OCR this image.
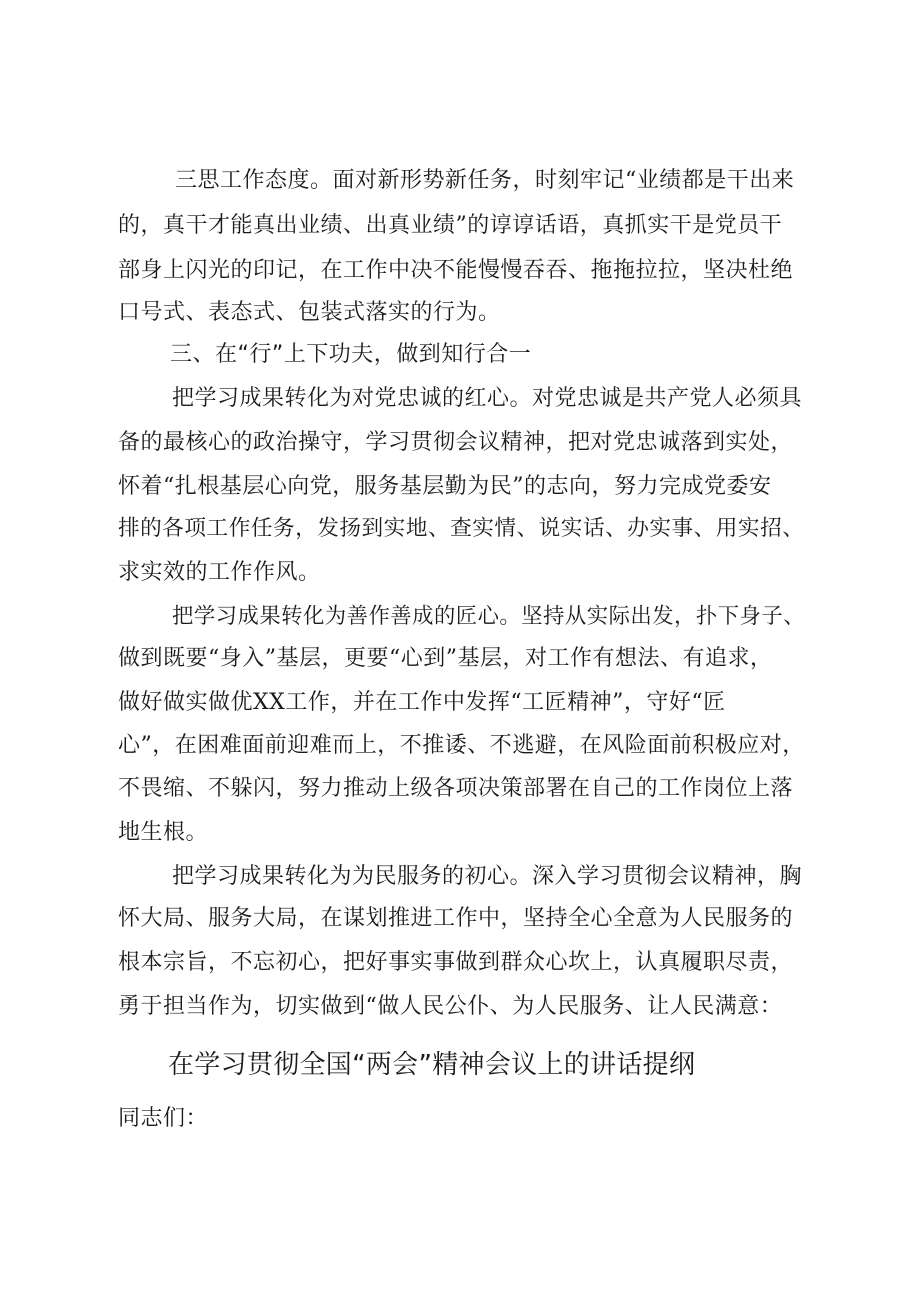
三思工作态度。面对新形势新任务，时刻牢记“业绩都是干出来
的，真干才能真出业绩、出真业绩”的谆谆话语，真抓实干是党员干
部身上闪光的印记，在工作中决不能慢慢吞吞、拖拖拉拉，坚决杜绝
口号式、表态式、包装式落实的行为。
三、在“行”上下功夫，做到知行合一
把学习成果转化为对党忠诚的红心。对党忠诚是共产党人必须具
备的最核心的政治操守，学习贯彻会议精神，把对党忠诚落到实处，
怀着“扎根基层心向党，服务基层勤为民”的志向，努力完成党委安
排的各项工作任务，发扬到实地、查实情、说实话、办实事、用实招、
求实效的工作作风。
把学习成果转化为善作善成的匠心。坚持从实际出发，扑下身子、
做到既要“身入”基层，更要“心到”基层，对工作有想法、有追求，
做好做实做优XX工作，并在工作中发挥“工匠精神”，守好“匠
心”，在困难面前迎难而上，不推诿、不逃避，在风险面前积极应对，
不畏缩、不躲闪，努力推动上级各项决策部署在自己的工作岗位上落
地生根。
把学习成果转化为为民服务的初心。深入学习贯彻会议精神，胸
怀大局、服务大局，在谋划推进工作中，坚持全心全意为人民服务的
根本宗旨，不忘初心，把好事实事做到群众心坎上，认真履职尽责，
勇于担当作为，切实做到“做人民公仆、为人民服务、让人民满意：
在学习贯彻全国“两会”精神会议上的讲话提纲
同志们：
